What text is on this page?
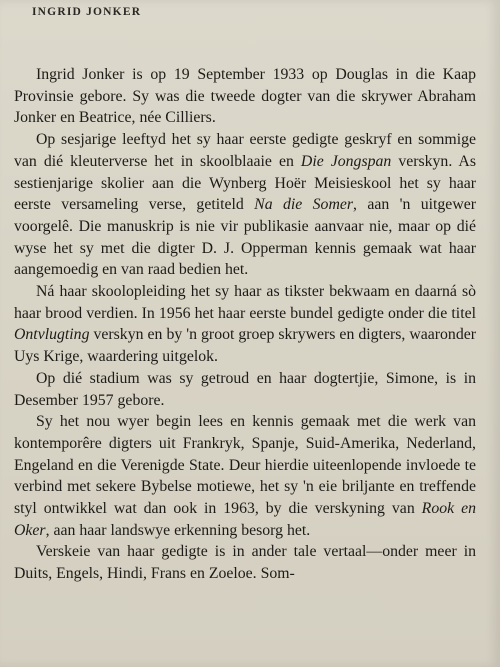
INGRID JONKER

Ingrid Jonker is op 19 September 1933 op Douglas in die Kaap Provinsie gebore. Sy was die tweede dogter van die skrywer Abraham Jonker en Beatrice, née Cilliers.

Op sesjarige leeftyd het sy haar eerste gedigte geskryf en sommige van dié kleuterverse het in skoolblaaie en Die Jongspan verskyn. As sestienjarige skolier aan die Wynberg Hoër Meisieskool het sy haar eerste versameling verse, getiteld Na die Somer, aan 'n uitgewer voorgelê. Die manuskrip is nie vir publikasie aanvaar nie, maar op dié wyse het sy met die digter D. J. Opperman kennis gemaak wat haar aangemoedig en van raad bedien het.

Ná haar skoolopleiding het sy haar as tikster bekwaam en daarná sò haar brood verdien. In 1956 het haar eerste bundel gedigte onder die titel Ontvlugting verskyn en by 'n groot groep skrywers en digters, waaronder Uys Krige, waardering uitgelok.

Op dié stadium was sy getroud en haar dogtertjie, Simone, is in Desember 1957 gebore.

Sy het nou wyer begin lees en kennis gemaak met die werk van kontemporêre digters uit Frankryk, Spanje, Suid-Amerika, Nederland, Engeland en die Verenigde State. Deur hierdie uiteenlopende invloede te verbind met sekere Bybelse motiewe, het sy 'n eie briljante en treffende styl ontwikkel wat dan ook in 1963, by die verskyning van Rook en Oker, aan haar landswye erkenning besorg het.

Verskeie van haar gedigte is in ander tale vertaal—onder meer in Duits, Engels, Hindi, Frans en Zoeloe. Som-
